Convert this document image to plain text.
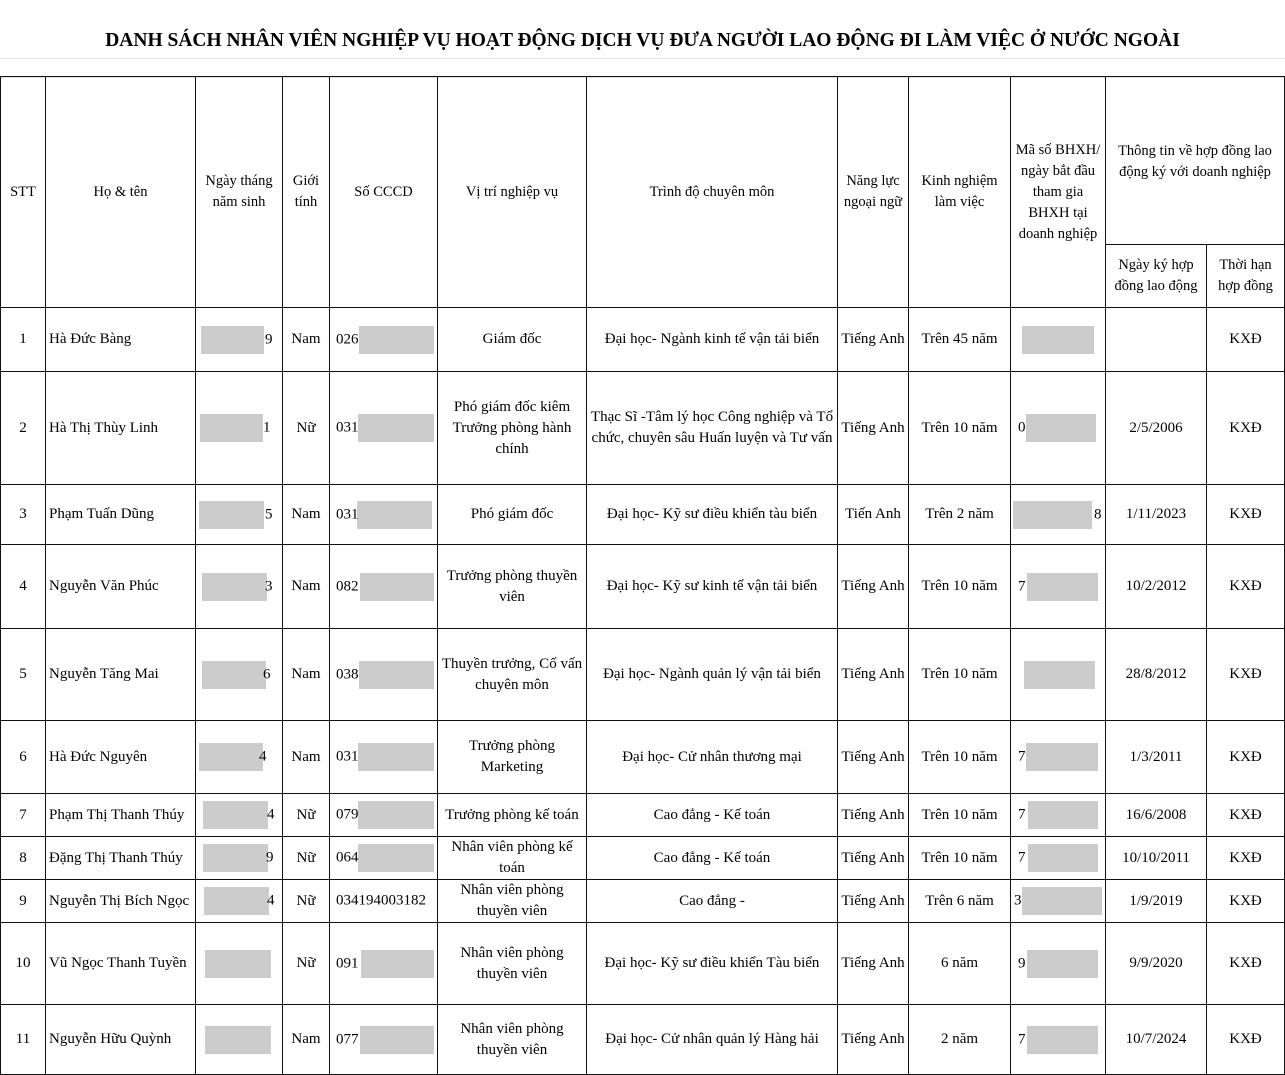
DANH SÁCH NHÂN VIÊN NGHIỆP VỤ HOẠT ĐỘNG DỊCH VỤ ĐƯA NGƯỜI LAO ĐỘNG ĐI LÀM VIỆC Ở NƯỚC NGOÀI
STT	Họ & tên	Ngày tháng năm sinh	Giới tính	Số CCCD	Vị trí nghiệp vụ	Trình độ chuyên môn	Năng lực ngoại ngữ	Kinh nghiệm làm việc	Mã số BHXH/ ngày bắt đầu tham gia BHXH tại doanh nghiệp	Thông tin về hợp đồng lao động ký với doanh nghiệp	
										Ngày ký hợp đồng lao động	Thời hạn hợp đồng
1	Hà Đức Bàng	9	Nam	026	Giám đốc	Đại học- Ngành kinh tế vận tải biển	Tiếng Anh	Trên 45 năm			KXĐ
2	Hà Thị Thùy Linh	1	Nữ	031	Phó giám đốc kiêm Trưởng phòng hành chính	Thạc Sĩ -Tâm lý học Công nghiệp và Tổ chức, chuyên sâu Huấn luyện và Tư vấn	Tiếng Anh	Trên 10 năm	0	2/5/2006	KXĐ
3	Phạm Tuấn Dũng	5	Nam	031	Phó giám đốc	Đại học- Kỹ sư điều khiển tàu biển	Tiến Anh	Trên 2 năm	8	1/11/2023	KXĐ
4	Nguyễn Văn Phúc	3	Nam	082	Trưởng phòng thuyền viên	Đại học- Kỹ sư kinh tế vận tải biển	Tiếng Anh	Trên 10 năm	7	10/2/2012	KXĐ
5	Nguyễn Tăng Mai	6	Nam	038	Thuyền trưởng, Cố vấn chuyên môn	Đại học- Ngành quản lý vận tải biển	Tiếng Anh	Trên 10 năm		28/8/2012	KXĐ
6	Hà Đức Nguyên	4	Nam	031	Trưởng phòng Marketing	Đại học- Cử nhân thương mại	Tiếng Anh	Trên 10 năm	7	1/3/2011	KXĐ
7	Phạm Thị Thanh Thúy	4	Nữ	079	Trưởng phòng kế toán	Cao đẳng - Kế toán	Tiếng Anh	Trên 10 năm	7	16/6/2008	KXĐ
8	Đặng Thị Thanh Thúy	9	Nữ	064	Nhân viên phòng kế toán	Cao đẳng - Kế toán	Tiếng Anh	Trên 10 năm	7	10/10/2011	KXĐ
9	Nguyễn Thị Bích Ngọc	4	Nữ	034194003182	Nhân viên phòng thuyền viên	Cao đẳng -	Tiếng Anh	Trên 6 năm	3	1/9/2019	KXĐ
10	Vũ Ngọc Thanh Tuyền		Nữ	091	Nhân viên phòng thuyền viên	Đại học- Kỹ sư điều khiển Tàu biển	Tiếng Anh	6 năm	9	9/9/2020	KXĐ
11	Nguyễn Hữu Quỳnh		Nam	077	Nhân viên phòng thuyền viên	Đại học- Cử nhân quản lý Hàng hải	Tiếng Anh	2 năm	7	10/7/2024	KXĐ
